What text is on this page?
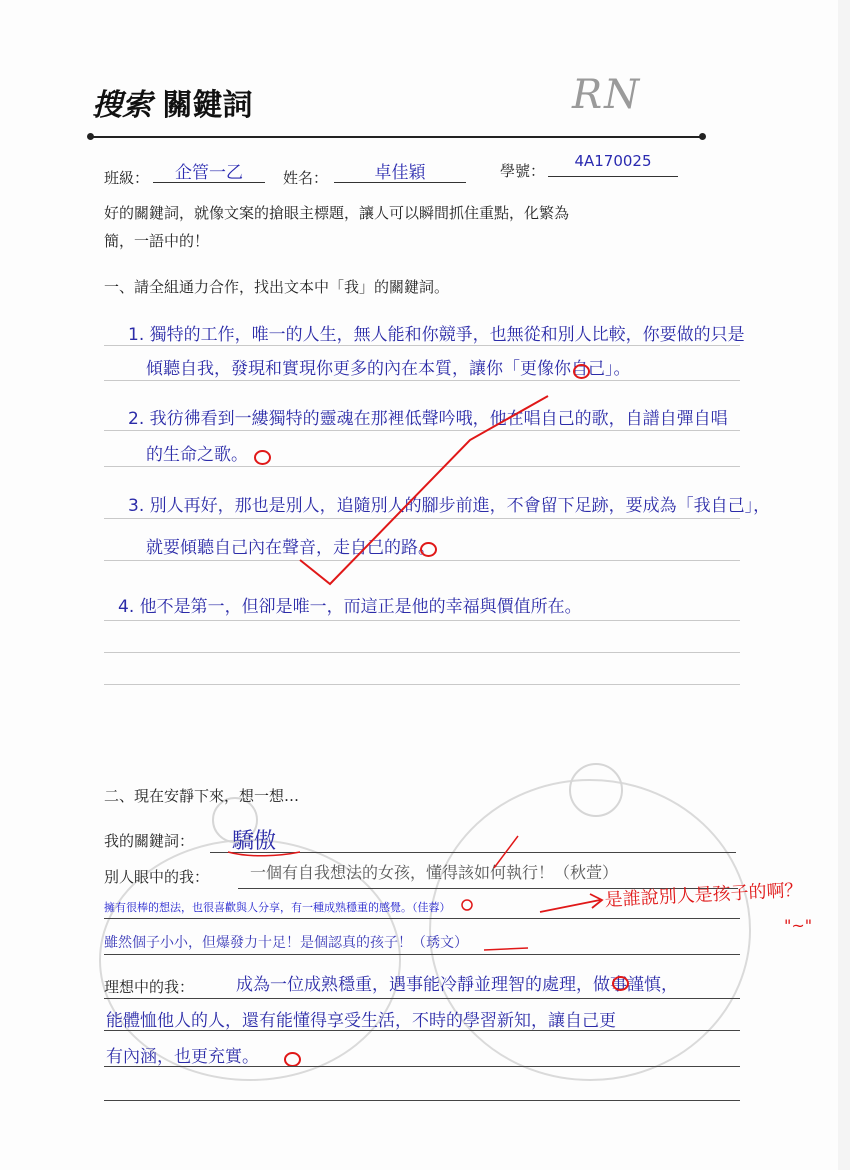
搜索 關鍵詞	RN
班級：	企管一乙	姓名：	卓佳穎	學號：
4A170025
好的關鍵詞，就像文案的搶眼主標題，讓人可以瞬間抓住重點，化繁為
簡，一語中的！
一、請全組通力合作，找出文本中「我」的關鍵詞。
1. 獨特的工作，唯一的人生，無人能和你競爭，也無從和別人比較，你要做的只是
傾聽自我，發現和實現你更多的內在本質，讓你「更像你自己」。
2. 我彷彿看到一縷獨特的靈魂在那裡低聲吟哦，他在唱自己的歌，自譜自彈自唱
的生命之歌。
3. 別人再好，那也是別人，追隨別人的腳步前進，不會留下足跡，要成為「我自己」，
就要傾聽自己內在聲音，走自己的路。
4. 他不是第一，但卻是唯一，而這正是他的幸福與價值所在。
二、現在安靜下來，想一想…
我的關鍵詞： 驕傲
別人眼中的我：	一個有自我想法的女孩，懂得該如何執行！（秋萱）
擁有很棒的想法，也很喜歡與人分享，有一種成熟穩重的感覺。（佳蓉）
雖然個子小小，但爆發力十足！是個認真的孩子！（琇文）
理想中的我： 成為一位成熟穩重，遇事能冷靜並理智的處理，做事謹慎，
能體恤他人的人，還有能懂得享受生活，不時的學習新知，讓自己更
有內涵，也更充實。
是誰說別人是孩子的啊？
"~"
